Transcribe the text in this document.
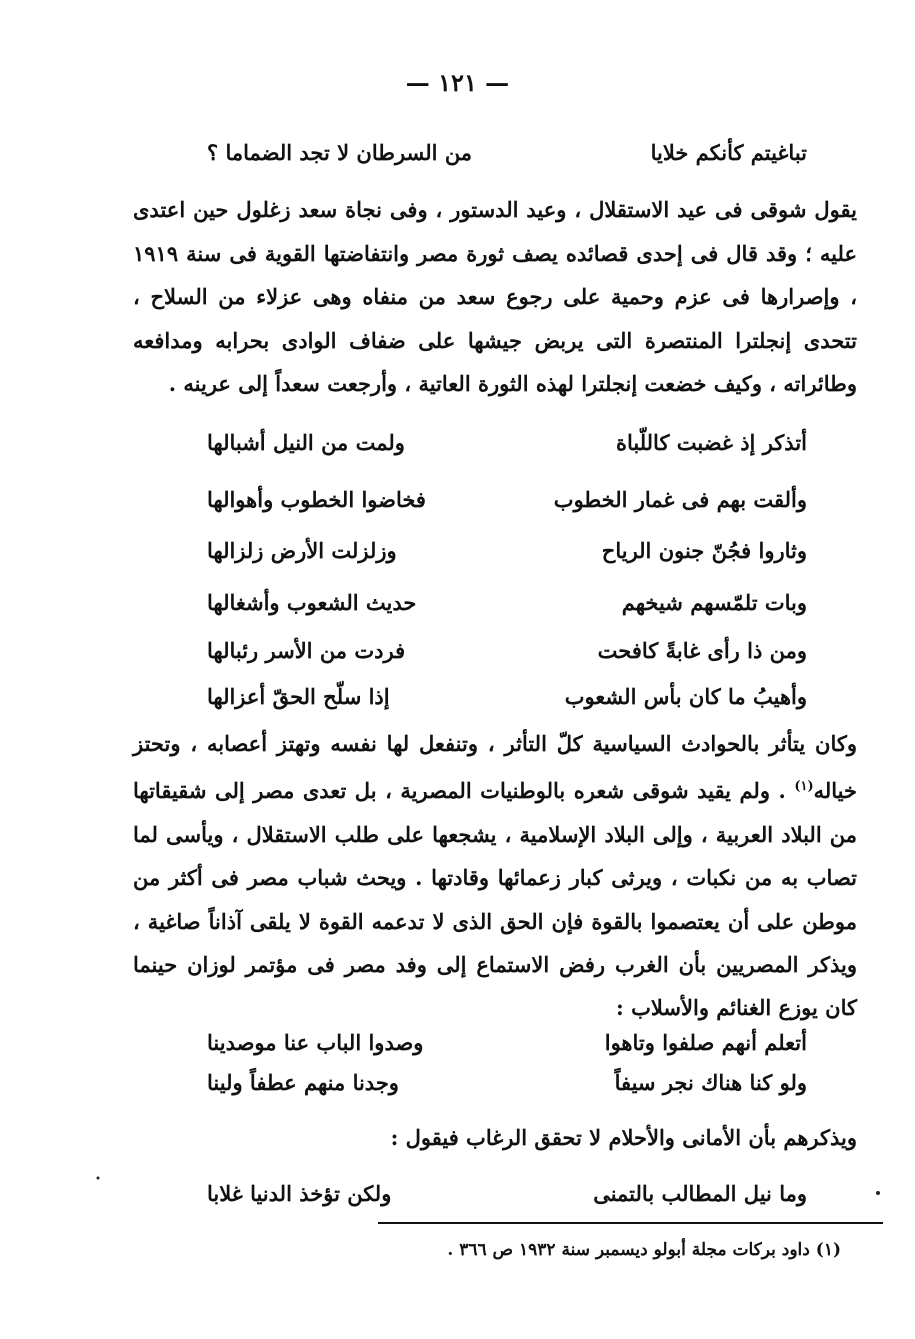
— ١٢١ —
تباغيتم كأنكم خلايا
من السرطان لا تجد الضماما ؟

يقول شوقى فى عيد الاستقلال ، وعيد الدستور ، وفى نجاة سعد زغلول حين اعتدى عليه ؛ وقد قال فى إحدى قصائده يصف ثورة مصر وانتفاضتها القوية فى سنة ١٩١٩ ، وإصرارها فى عزم وحمية على رجوع سعد من منفاه وهى عزلاء من السلاح ، تتحدى إنجلترا المنتصرة التى يربض جيشها على ضفاف الوادى بحرابه ومدافعه وطائراته ، وكيف خضعت إنجلترا لهذه الثورة العاتية ، وأرجعت سعداً إلى عرينه .

أتذكر إذ غضبت كاللّباة
ولمت من النيل أشبالها
وألقت بهم فى غمار الخطوب
فخاضوا الخطوب وأهوالها
وثاروا فجُنّ جنون الرياح
وزلزلت الأرض زلزالها
وبات تلمّسهم شيخهم
حديث الشعوب وأشغالها
ومن ذا رأى غابةً كافحت
فردت من الأسر رئبالها
وأهيبُ ما كان بأس الشعوب
إذا سلّح الحقّ أعزالها

وكان يتأثر بالحوادث السياسية كلّ التأثر ، وتنفعل لها نفسه وتهتز أعصابه ، وتحتز خياله$^{(١)}$ . ولم يقيد شوقى شعره بالوطنيات المصرية ، بل تعدى مصر إلى شقيقاتها من البلاد العربية ، وإلى البلاد الإسلامية ، يشجعها على طلب الاستقلال ، ويأسى لما تصاب به من نكبات ، ويرثى كبار زعمائها وقادتها . ويحث شباب مصر فى أكثر من موطن على أن يعتصموا بالقوة فإن الحق الذى لا تدعمه القوة لا يلقى آذاناً صاغية ، ويذكر المصريين بأن الغرب رفض الاستماع إلى وفد مصر فى مؤتمر لوزان حينما كان يوزع الغنائم والأسلاب :

أتعلم أنهم صلفوا وتاهوا
وصدوا الباب عنا موصدينا
ولو كنا هناك نجر سيفاً
وجدنا منهم عطفاً ولينا
ويذكرهم بأن الأمانى والأحلام لا تحقق الرغاب فيقول :
وما نيل المطالب بالتمنى
ولكن تؤخذ الدنيا غلابا
(١) داود بركات مجلة أبولو ديسمبر سنة ١٩٣٢ ص ٣٦٦ .
